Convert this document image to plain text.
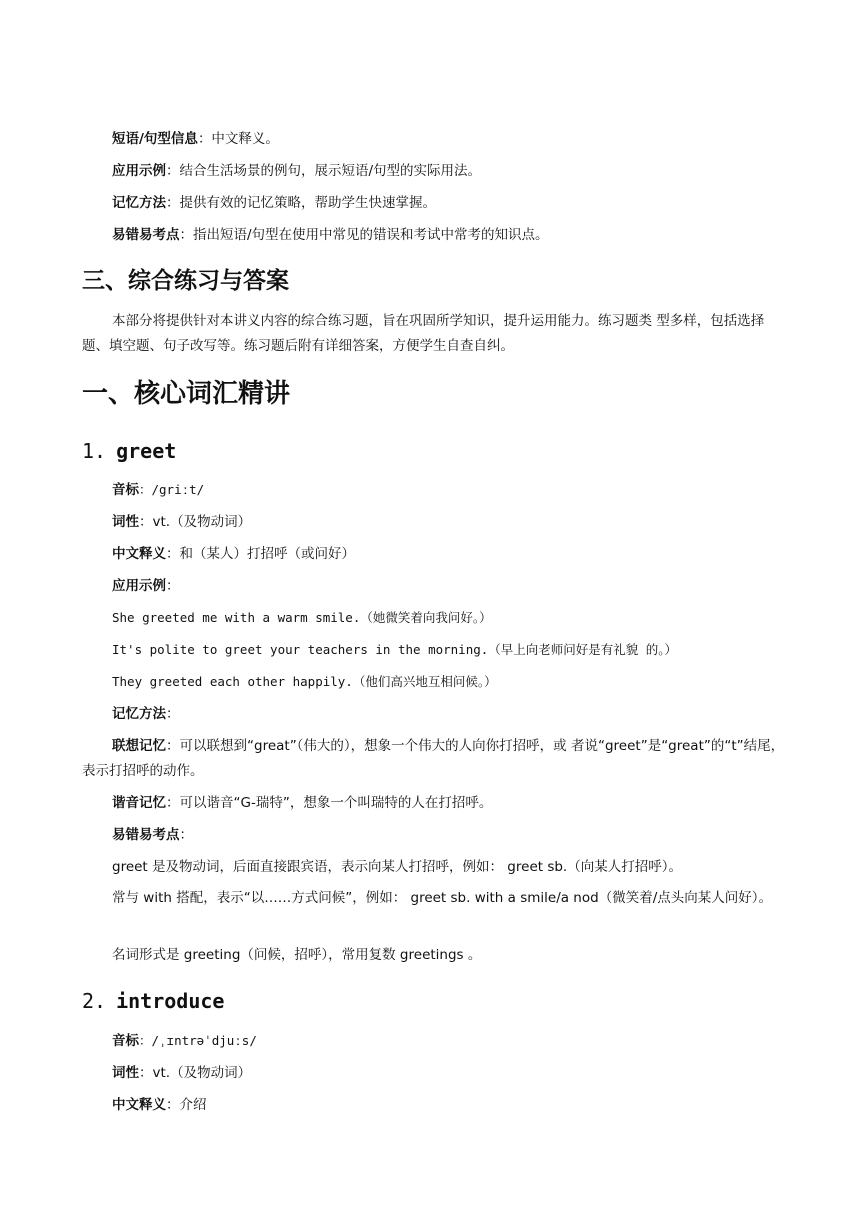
短语/句型信息：中文释义。
应用示例：结合生活场景的例句，展示短语/句型的实际用法。
记忆方法：提供有效的记忆策略，帮助学生快速掌握。
易错易考点：指出短语/句型在使用中常见的错误和考试中常考的知识点。
三、综合练习与答案
本部分将提供针对本讲义内容的综合练习题，旨在巩固所学知识，提升运用能力。练习题类 型多样，包括选择题、填空题、句子改写等。练习题后附有详细答案，方便学生自查自纠。
一、核心词汇精讲
1. greet
音标：/griːt/
词性：vt.（及物动词）
中文释义：和（某人）打招呼（或问好）
应用示例：
She greeted me with a warm smile.（她微笑着向我问好。）
It's polite to greet your teachers in the morning.（早上向老师问好是有礼貌 的。）
They greeted each other happily.（他们高兴地互相问候。）
记忆方法：
联想记忆：可以联想到“great”（伟大的），想象一个伟大的人向你打招呼，或 者说“greet”是“great”的“t”结尾，表示打招呼的动作。
谐音记忆：可以谐音“G-瑞特”，想象一个叫瑞特的人在打招呼。
易错易考点：
greet 是及物动词，后面直接跟宾语，表示向某人打招呼，例如： greet sb.（向某人打招呼）。
常与 with 搭配，表示“以……方式问候”，例如： greet sb. with a smile/a nod（微笑着/点头向某人问好）。
名词形式是 greeting（问候，招呼），常用复数 greetings 。
2. introduce
音标：/ˌɪntrəˈdjuːs/
词性：vt.（及物动词）
中文释义：介绍
